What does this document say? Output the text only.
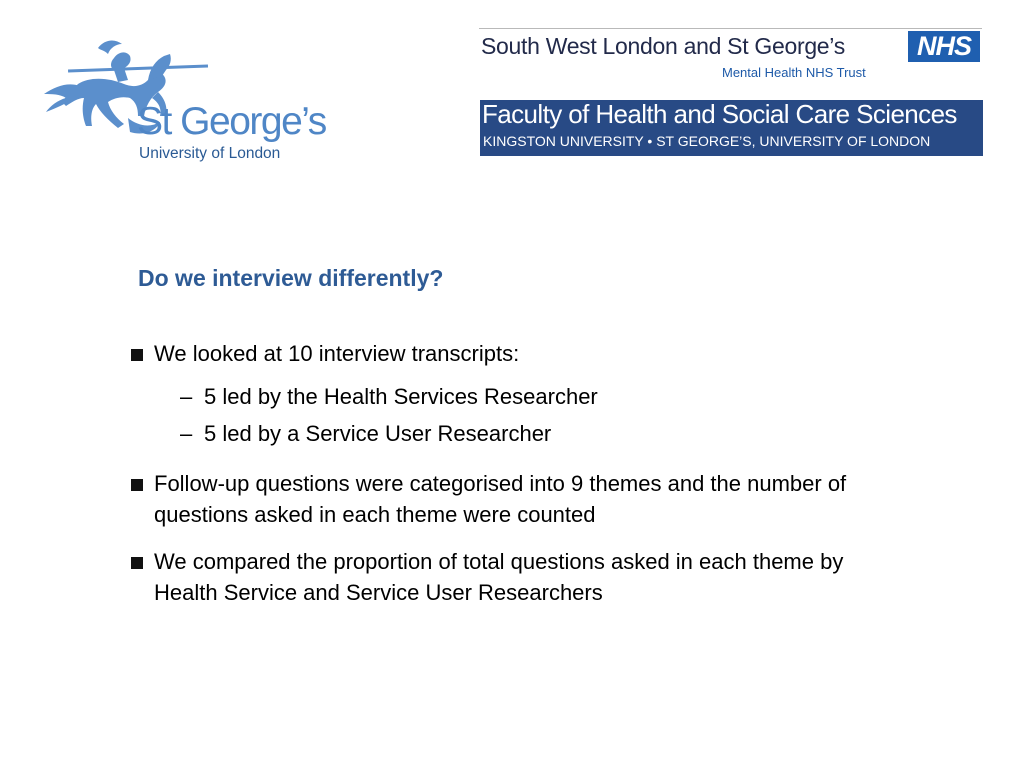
St George’s
University of London
South West London and St George’s	NHS
Mental Health NHS Trust
Faculty of Health and Social Care Sciences
KINGSTON UNIVERSITY • ST GEORGE’S, UNIVERSITY OF LONDON
Do we interview differently?
We looked at 10 interview transcripts:
– 5 led by the Health Services Researcher
– 5 led by a Service User Researcher
Follow-up questions were categorised into 9 themes and the number of questions asked in each theme were counted
We compared the proportion of total questions asked in each theme by Health Service and Service User Researchers
